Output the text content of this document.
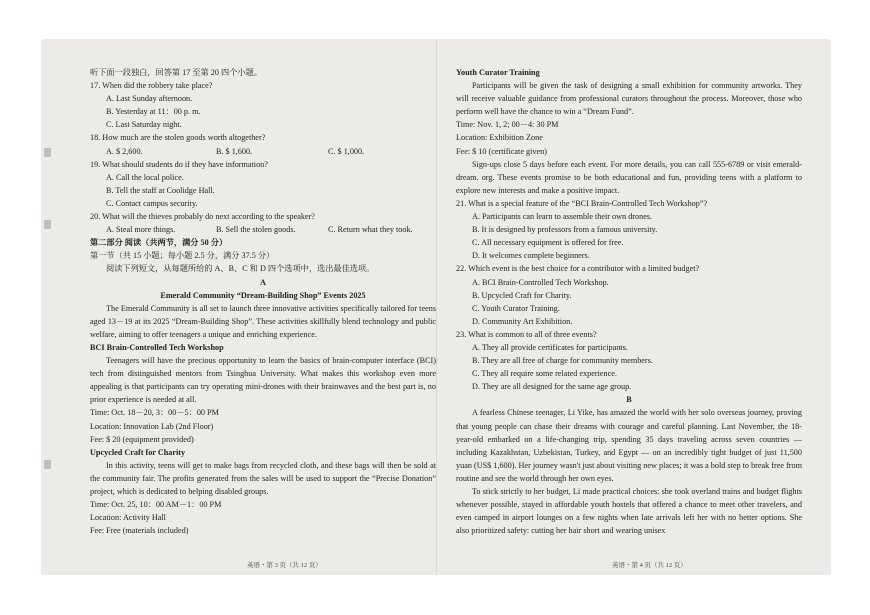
听下面一段独白，回答第 17 至第 20 四个小题。
17. When did the robbery take place?
A. Last Sunday afternoon.
B. Yesterday at 11：00 p. m.
C. Last Saturday night.
18. How much are the stolen goods worth altogether?
A. $ 2,600.	B. $ 1,600.	C. $ 1,000.
19. What should students do if they have information?
A. Call the local police.
B. Tell the staff at Coolidge Hall.
C. Contact campus security.
20. What will the thieves probably do next according to the speaker?
A. Steal more things.	B. Sell the stolen goods.	C. Return what they took.
第二部分 阅读（共两节，满分 50 分）
第一节（共 15 小题；每小题 2.5 分，满分 37.5 分）
阅读下列短文，从每题所给的 A、B、C 和 D 四个选项中，选出最佳选项。
A
Emerald Community “Dream-Building Shop” Events 2025
The Emerald Community is all set to launch three innovative activities specifically tailored for teens aged 13－19 at its 2025 “Dream-Building Shop”. These activities skillfully blend technology and public welfare, aiming to offer teenagers a unique and enriching experience.
BCI Brain-Controlled Tech Workshop
Teenagers will have the precious opportunity to learn the basics of brain-computer interface (BCI) tech from distinguished mentors from Tsinghua University. What makes this workshop even more appealing is that participants can try operating mini-drones with their brainwaves and the best part is, no prior experience is needed at all.
Time: Oct. 18－20, 3：00－5：00 PM
Location: Innovation Lab (2nd Floor)
Fee: $ 20 (equipment provided)
Upcycled Craft for Charity
In this activity, teens will get to make bags from recycled cloth, and these bags will then be sold at the community fair. The profits generated from the sales will be used to support the “Precise Donation” project, which is dedicated to helping disabled groups.
Time: Oct. 25, 10：00 AM－1：00 PM
Location: Activity Hall
Fee: Free (materials included)
英语・第 3 页（共 12 页）
Youth Curator Training
Participants will be given the task of designing a small exhibition for community artworks. They will receive valuable guidance from professional curators throughout the process. Moreover, those who perform well have the chance to win a “Dream Fund”.
Time: Nov. 1, 2; 00－4: 30 PM
Location: Exhibition Zone
Fee: $ 10 (certificate given)
Sign-ups close 5 days before each event. For more details, you can call 555-6789 or visit emerald-dream. org. These events promise to be both educational and fun, providing teens with a platform to explore new interests and make a positive impact.
21. What is a special feature of the “BCI Brain-Controlled Tech Workshop”?
A. Participants can learn to assemble their own drones.
B. It is designed by professors from a famous university.
C. All necessary equipment is offered for free.
D. It welcomes complete beginners.
22. Which event is the best choice for a contributor with a limited budget?
A. BCI Brain-Controlled Tech Workshop.
B. Upcycled Craft for Charity.
C. Youth Curator Training.
D. Community Art Exhibition.
23. What is common to all of three events?
A. They all provide certificates for participants.
B. They are all free of charge for community members.
C. They all require some related experience.
D. They are all designed for the same age group.
B
A fearless Chinese teenager, Li Yike, has amazed the world with her solo overseas journey, proving that young people can chase their dreams with courage and careful planning. Last November, the 18-year-old embarked on a life-changing trip, spending 35 days traveling across seven countries — including Kazakhstan, Uzbekistan, Turkey, and Egypt — on an incredibly tight budget of just 11,500 yuan (US$ 1,600). Her journey wasn't just about visiting new places; it was a bold step to break free from routine and see the world through her own eyes.
To stick strictly to her budget, Li made practical choices: she took overland trains and budget flights whenever possible, stayed in affordable youth hostels that offered a chance to meet other travelers, and even camped in airport lounges on a few nights when late arrivals left her with no better options. She also prioritized safety: cutting her hair short and wearing unisex
英语・第 4 页（共 12 页）
